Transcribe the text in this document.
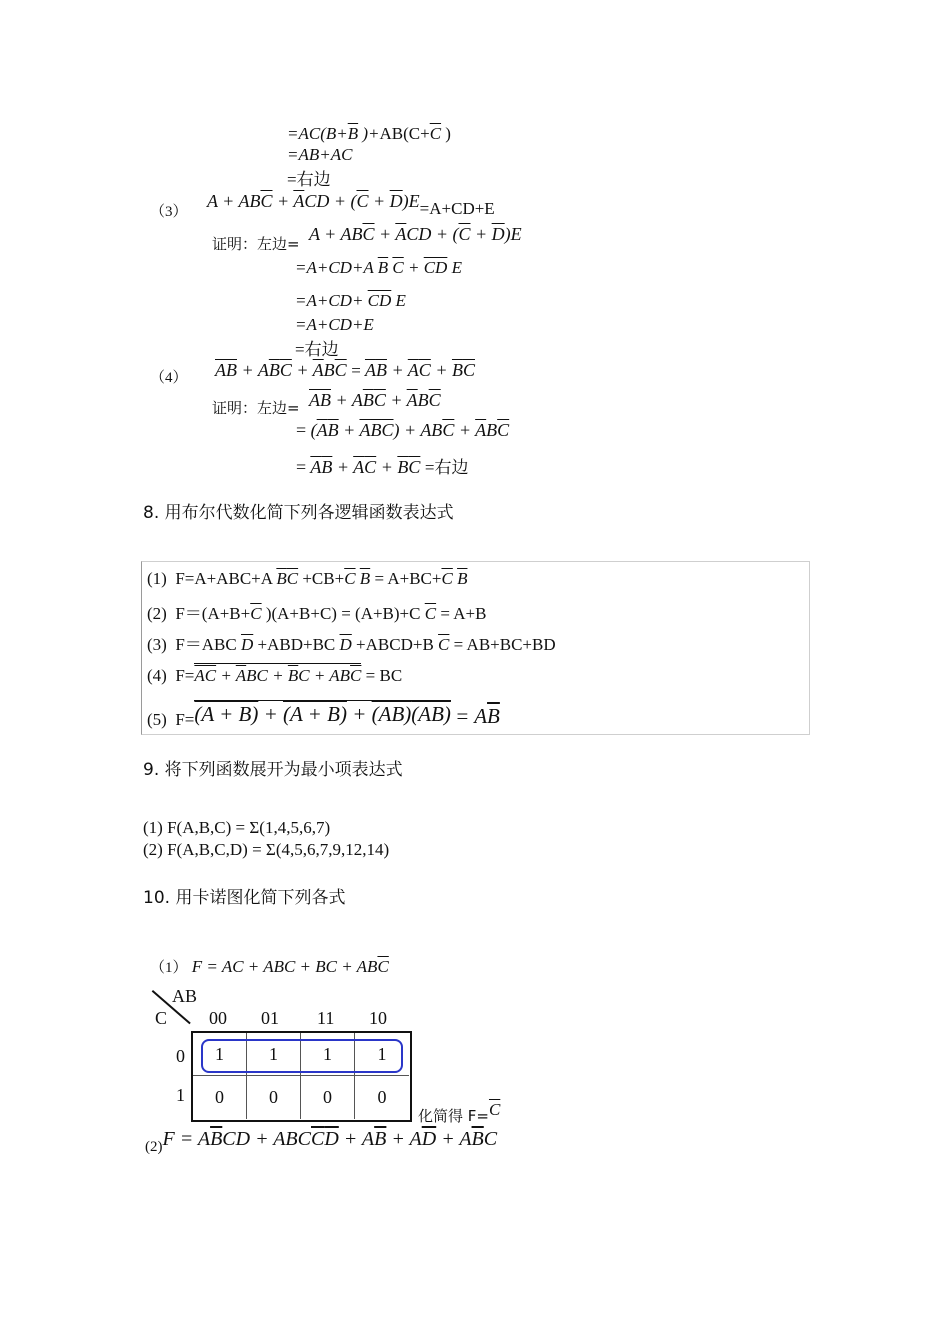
$=AC(B+\overline{B}$ )$+AB(C+\overline{C}$ )
=AB+AC
=右边
（3）
$A + AB\overline{C} + \overline{A}CD + (\overline{C} + \overline{D})E=A+CD+E$
证明：左边= $A + AB\overline{C} + \overline{A}CD + (\overline{C} + \overline{D})E$
=A+CD+A $\overline{B}$ $\overline{C} + \overline{CD}$ E
$=A+CD+ \overline{CD}$ E
=A+CD+E
=右边
（4） $\overline{A}\overline{B} + A\overline{B}\overline{C} + \overline{A}B\overline{C} = \overline{A}\overline{B} + \overline{A}\overline{C} + \overline{B}\overline{C}$
证明：左边= $\overline{A}\overline{B} + A\overline{B}\overline{C} + \overline{A}B\overline{C}$
= $(\overline{A}\overline{B} + \overline{A}\overline{B}\overline{C}) + AB\overline{C} + \overline{A}B\overline{C}$
= $\overline{A}\overline{B} + \overline{A}\overline{C} + \overline{B}\overline{C}$ =右边
8. 用布尔代数化简下列各逻辑函数表达式
(1)  F=A+ABC+A $\overline{B}\overline{C} +CB+\overline{C}$ $\overline{B} = A+BC+\overline{C}$ $\overline{B}$
(2)  $F=(A+B+\overline{C}$ )(A+B+C) = (A+B)+C $\overline{C} = A+B$
(3)  F＝ABC $\overline{D} +ABD+BC$ $\overline{D}$ +ABCD+B $\overline{C} = AB+BC+BD$
(4)  $F=\overline{AC} + \overline{A}BC + \overline{B}C + AB\overline{C}$ = BC
(5)  $F=(A + B) + (A + B) + (AB)(AB) = A\overline{B}$
9. 将下列函数展开为最小项表达式
(1) F(A,B,C) = Σ(1,4,5,6,7)
(2) F(A,B,C,D) = Σ(4,5,6,7,9,12,14)
10. 用卡诺图化简下列各式
（1） F = AC + ABC + BC + $AB\overline{C}$
AB
C 00 01 11 10
0
1
1	1	1	1
0	0	0	0
化简得 $F=\overline{C}$
$_{(2)}F = A\overline{B}CD + ABC\overline{C}\overline{D} + A\overline{B} + A\overline{D} + A\overline{B}C$
